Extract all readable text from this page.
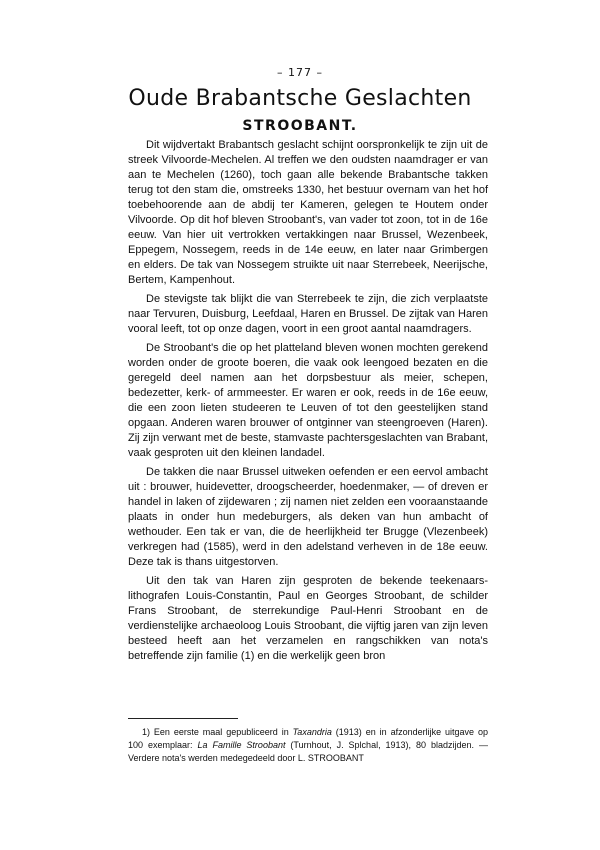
– 177 –
Oude Brabantsche Geslachten
STROOBANT.

Dit wijdvertakt Brabantsch geslacht schijnt oorspronkelijk te zijn uit de streek Vilvoorde-Mechelen. Al treffen we den oudsten naamdrager er van aan te Mechelen (1260), toch gaan alle bekende Brabantsche takken terug tot den stam die, omstreeks 1330, het bestuur overnam van het hof toebehoorende aan de abdij ter Kameren, gelegen te Houtem onder Vilvoorde. Op dit hof bleven Stroobant's, van vader tot zoon, tot in de 16e eeuw. Van hier uit vertrokken vertakkingen naar Brussel, Wezenbeek, Eppegem, Nossegem, reeds in de 14e eeuw, en later naar Grimbergen en elders. De tak van Nossegem struikte uit naar Sterrebeek, Neerijsche, Bertem, Kampenhout.

De stevigste tak blijkt die van Sterrebeek te zijn, die zich verplaatste naar Tervuren, Duisburg, Leefdaal, Haren en Brussel. De zijtak van Haren vooral leeft, tot op onze dagen, voort in een groot aantal naamdragers.

De Stroobant's die op het platteland bleven wonen mochten gerekend worden onder de groote boeren, die vaak ook leengoed bezaten en die geregeld deel namen aan het dorpsbestuur als meier, schepen, bedezetter, kerk- of armmeester. Er waren er ook, reeds in de 16e eeuw, die een zoon lieten studeeren te Leuven of tot den geestelijken stand opgaan. Anderen waren brouwer of ontginner van steengroeven (Haren). Zij zijn verwant met de beste, stamvaste pachtersgeslachten van Brabant, vaak gesproten uit den kleinen landadel.

De takken die naar Brussel uitweken oefenden er een eervol ambacht uit : brouwer, huidevetter, droogscheerder, hoedenmaker, — of dreven er handel in laken of zijdewaren ; zij namen niet zelden een vooraanstaande plaats in onder hun medeburgers, als deken van hun ambacht of wethouder. Een tak er van, die de heerlijkheid ter Brugge (Vlezenbeek) verkregen had (1585), werd in den adelstand verheven in de 18e eeuw. Deze tak is thans uitgestorven.

Uit den tak van Haren zijn gesproten de bekende teekenaars-lithografen Louis-Constantin, Paul en Georges Stroobant, de schilder Frans Stroobant, de sterrekundige Paul-Henri Stroobant en de verdienstelijke archaeoloog Louis Stroobant, die vijftig jaren van zijn leven besteed heeft aan het verzamelen en rangschikken van nota's betreffende zijn familie (1) en die werkelijk geen bron

1) Een eerste maal gepubliceerd in Taxandria (1913) en in afzonderlijke uitgave op 100 exemplaar: La Famille Stroobant (Turnhout, J. Splchal, 1913), 80 bladzijden. — Verdere nota's werden medegedeeld door L. STROOBANT
